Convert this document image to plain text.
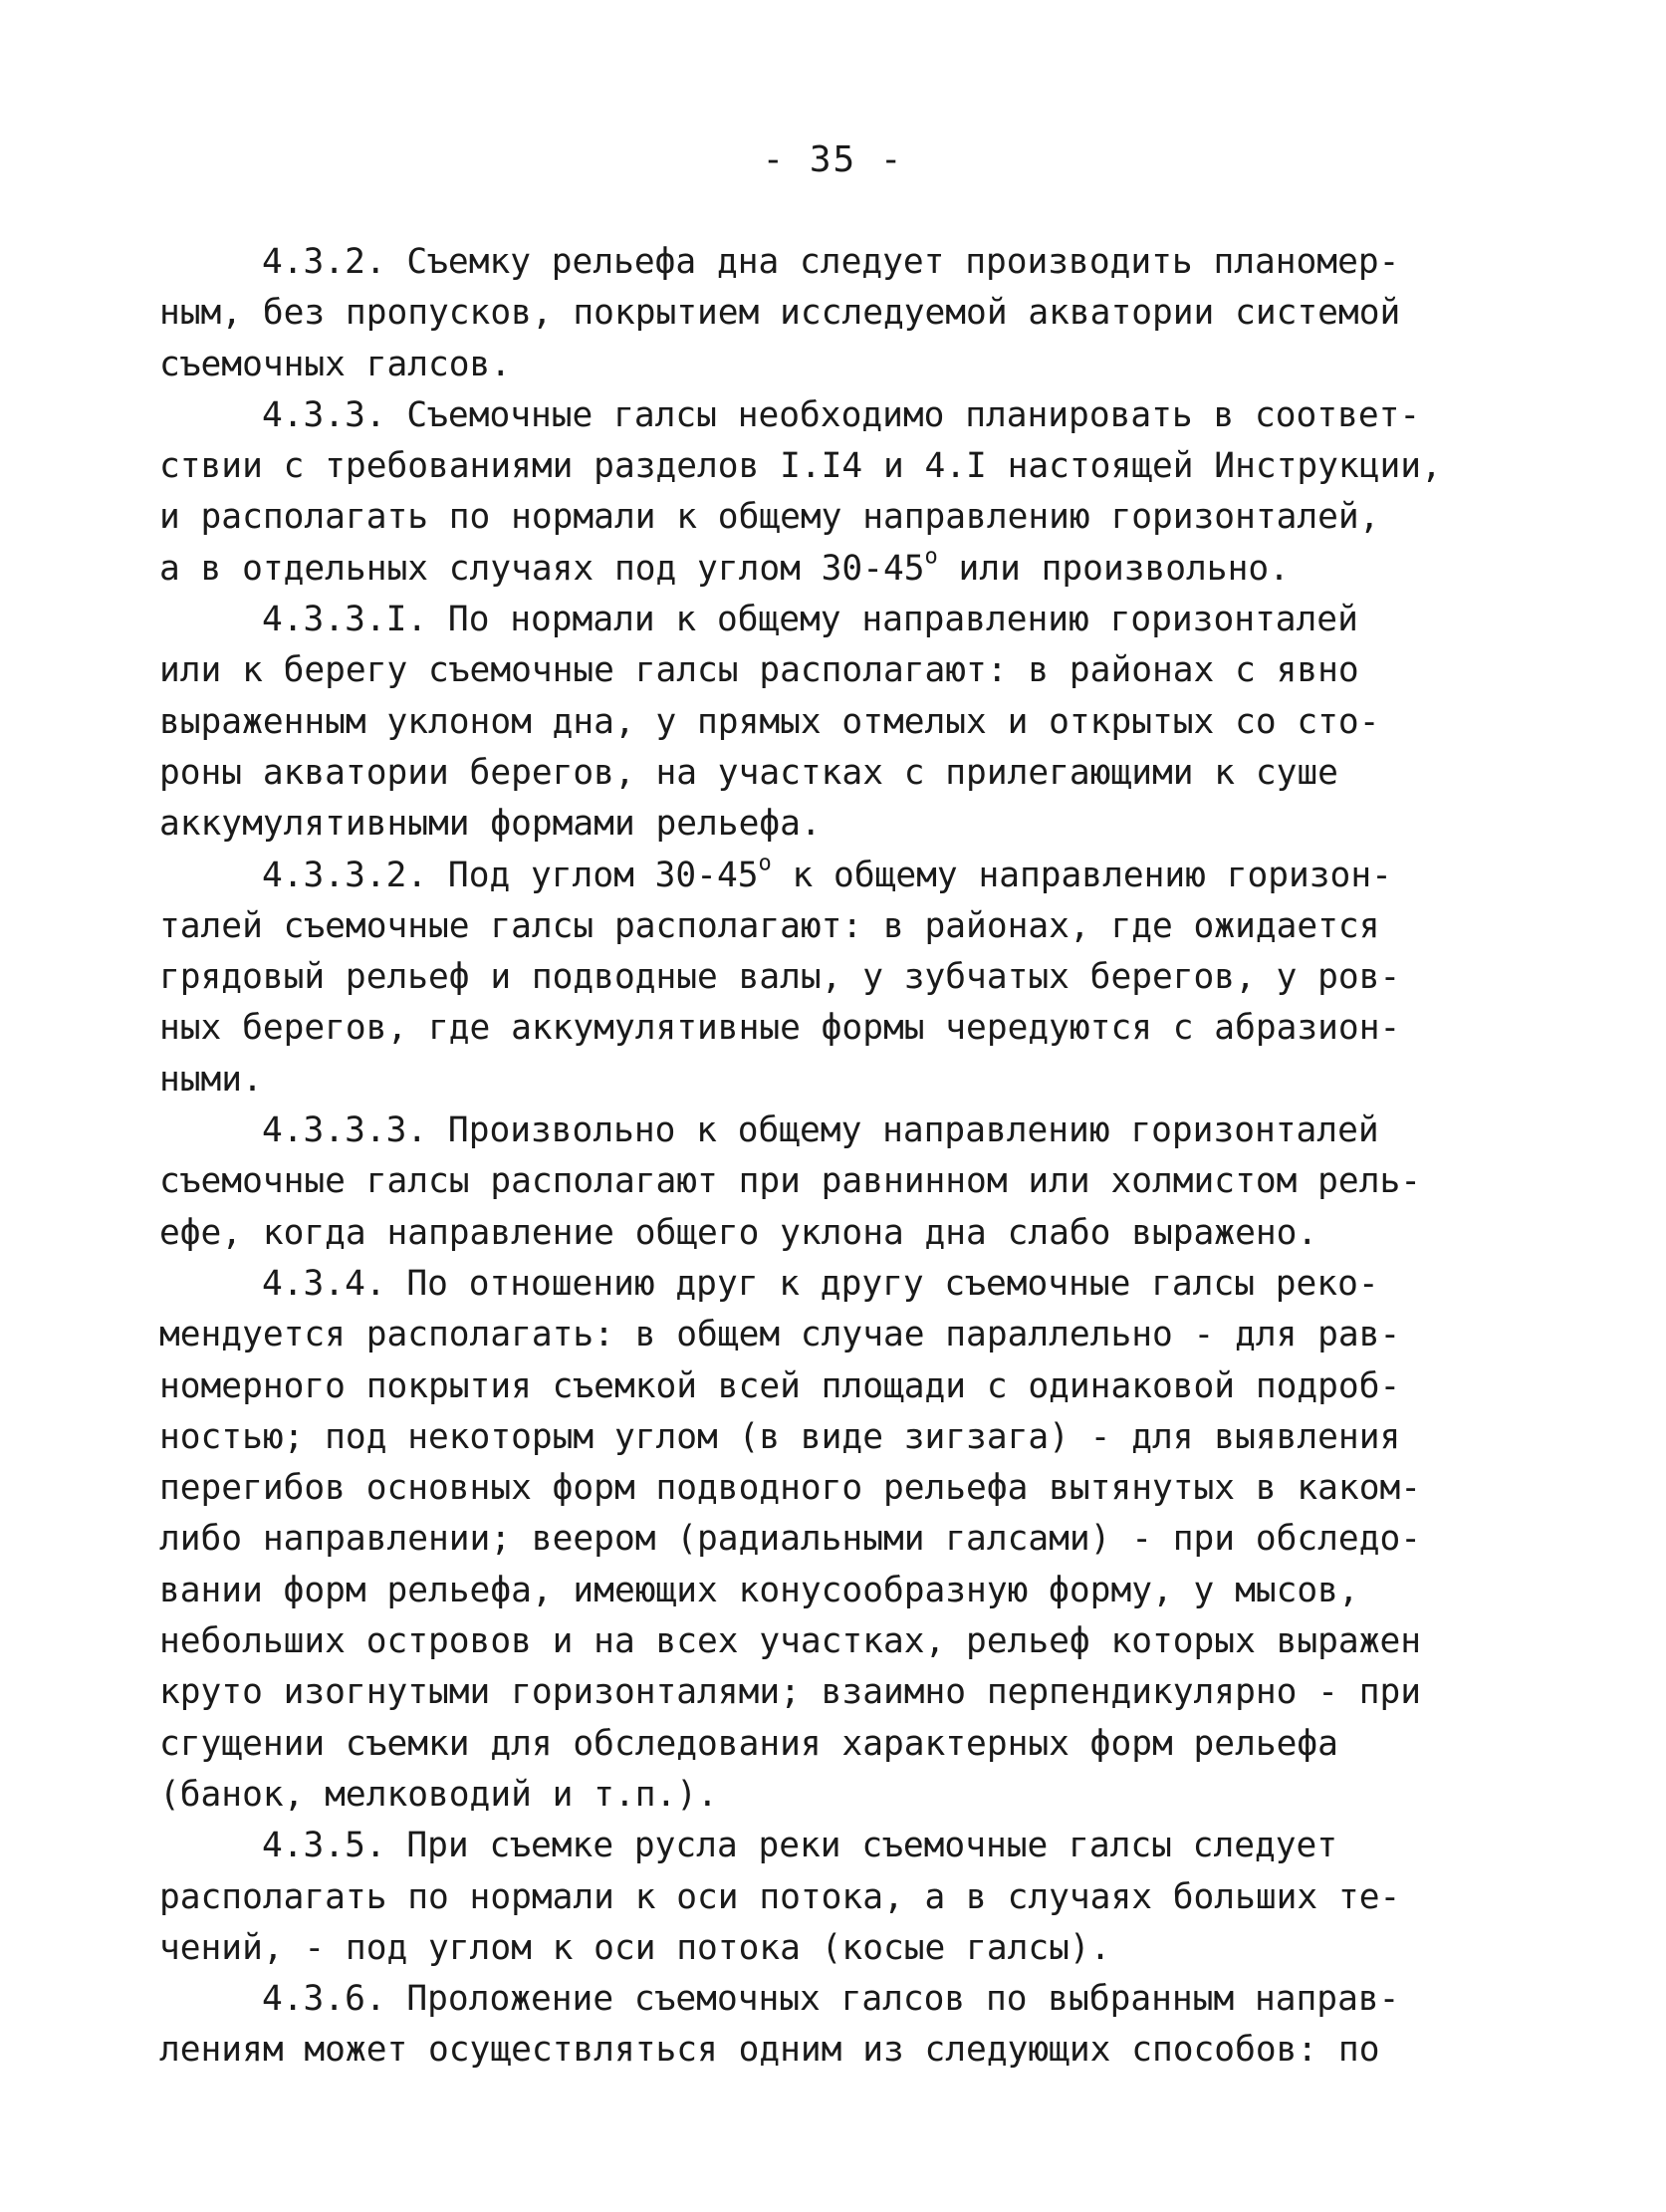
- 35 -
4.3.2. Съемку рельефа дна следует производить планомер-
ным, без пропусков, покрытием исследуемой акватории системой
съемочных галсов.
4.3.3. Съемочные галсы необходимо планировать в соответ-
ствии с требованиями разделов I.I4 и 4.I настоящей Инструкции,
и располагать по нормали к общему направлению горизонталей,
а в отдельных случаях под углом $30-45^о$ или произвольно.
4.3.3.I. По нормали к общему направлению горизонталей
или к берегу съемочные галсы располагают: в районах с явно
выраженным уклоном дна, у прямых отмелых и открытых со сто-
роны акватории берегов, на участках с прилегающими к суше
аккумулятивными формами рельефа.
4.3.3.2. Под углом $30-45^о$ к общему направлению горизон-
талей съемочные галсы располагают: в районах, где ожидается
грядовый рельеф и подводные валы, у зубчатых берегов, у ров-
ных берегов, где аккумулятивные формы чередуются с абразион-
ными.
4.3.3.3. Произвольно к общему направлению горизонталей
съемочные галсы располагают при равнинном или холмистом рель-
ефе, когда направление общего уклона дна слабо выражено.
4.3.4. По отношению друг к другу съемочные галсы реко-
мендуется располагать: в общем случае параллельно - для рав-
номерного покрытия съемкой всей площади с одинаковой подроб-
ностью; под некоторым углом (в виде зигзага) - для выявления
перегибов основных форм подводного рельефа вытянутых в каком-
либо направлении; веером (радиальными галсами) - при обследо-
вании форм рельефа, имеющих конусообразную форму, у мысов,
небольших островов и на всех участках, рельеф которых выражен
круто изогнутыми горизонталями; взаимно перпендикулярно - при
сгущении съемки для обследования характерных форм рельефа
(банок, мелководий и т.п.).
4.3.5. При съемке русла реки съемочные галсы следует
располагать по нормали к оси потока, а в случаях больших те-
чений, - под углом к оси потока (косые галсы).
4.3.6. Проложение съемочных галсов по выбранным направ-
лениям может осуществляться одним из следующих способов: по
